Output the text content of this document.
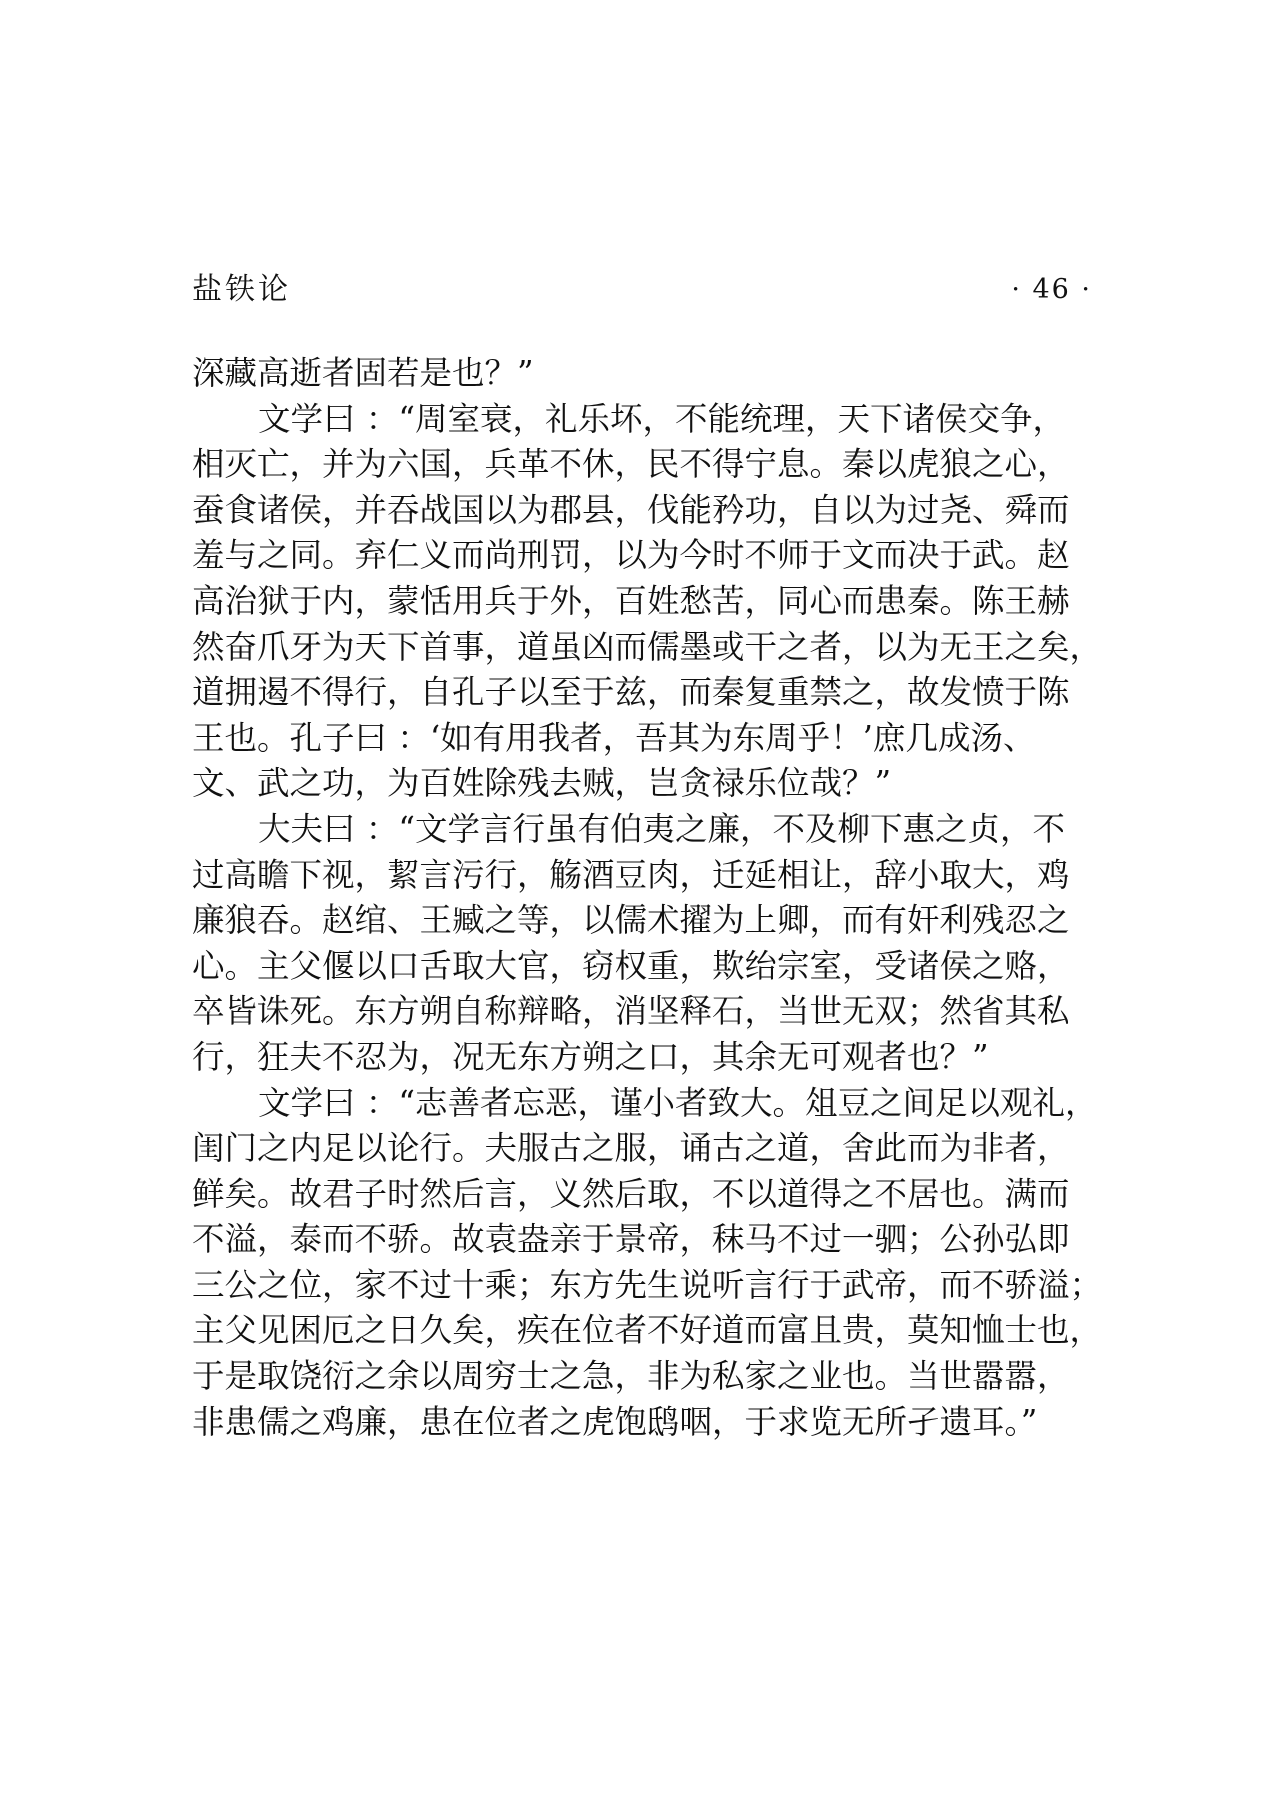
盐铁论	· 46 ·
深藏高逝者固若是也？”
文学曰 ：“周室衰，礼乐坏，不能统理，天下诸侯交争，
相灭亡，并为六国，兵革不休，民不得宁息。秦以虎狼之心，
蚕食诸侯，并吞战国以为郡县，伐能矜功，自以为过尧、舜而
羞与之同。弃仁义而尚刑罚，以为今时不师于文而决于武。赵
高治狱于内，蒙恬用兵于外，百姓愁苦，同心而患秦。陈王赫
然奋爪牙为天下首事，道虽凶而儒墨或干之者，以为无王之矣，
道拥遏不得行，自孔子以至于兹，而秦复重禁之，故发愤于陈
王也。孔子曰 ：‘如有用我者，吾其为东周乎！’庶几成汤、
文、武之功，为百姓除残去贼，岂贪禄乐位哉？”
大夫曰 ：“文学言行虽有伯夷之廉，不及柳下惠之贞，不
过高瞻下视，絜言污行，觞酒豆肉，迁延相让，辞小取大，鸡
廉狼吞。赵绾、王臧之等，以儒术擢为上卿，而有奸利残忍之
心。主父偃以口舌取大官，窃权重，欺绐宗室，受诸侯之赂，
卒皆诛死。东方朔自称辩略，消坚释石，当世无双；然省其私
行，狂夫不忍为，况无东方朔之口，其余无可观者也？”
文学曰 ：“志善者忘恶，谨小者致大。俎豆之间足以观礼，
闺门之内足以论行。夫服古之服，诵古之道，舍此而为非者，
鲜矣。故君子时然后言，义然后取，不以道得之不居也。满而
不溢，泰而不骄。故袁盎亲于景帝，秣马不过一驷；公孙弘即
三公之位，家不过十乘；东方先生说听言行于武帝，而不骄溢；
主父见困厄之日久矣，疾在位者不好道而富且贵，莫知恤士也，
于是取饶衍之余以周穷士之急，非为私家之业也。当世嚣嚣，
非患儒之鸡廉，患在位者之虎饱鸱咽，于求览无所孑遗耳。”
